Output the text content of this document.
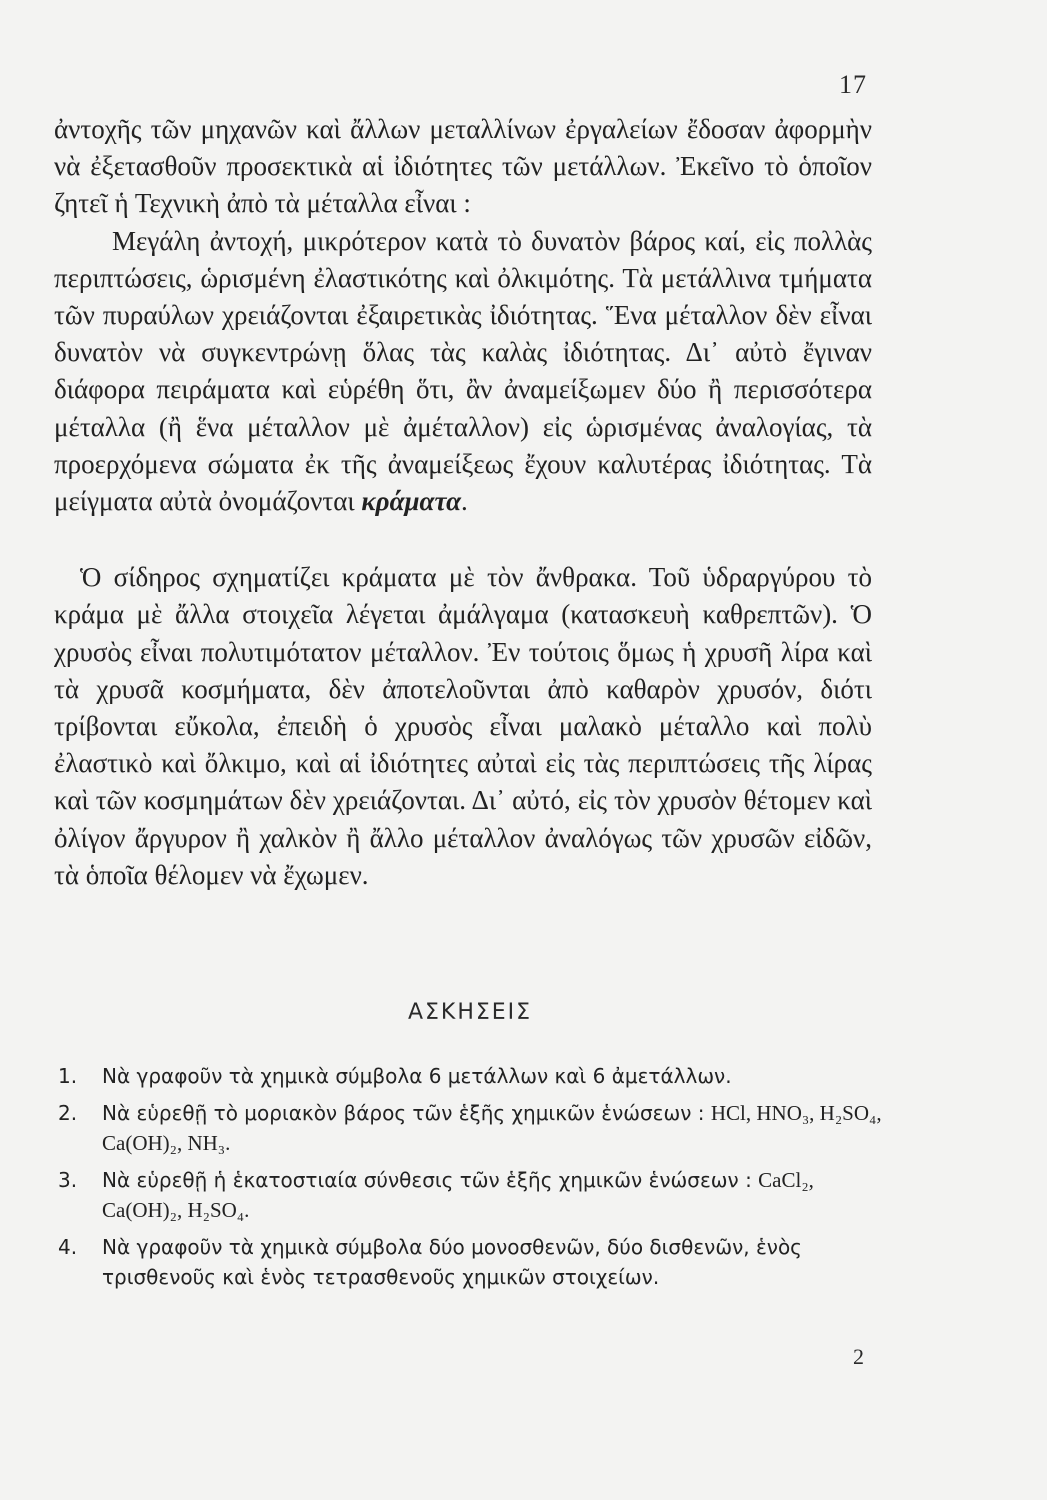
17

ἀντοχῆς τῶν μηχανῶν καὶ ἄλλων μεταλλίνων ἐργαλείων ἔδοσαν ἀφορμὴν νὰ ἐξετασθοῦν προσεκτικὰ αἱ ἰδιότητες τῶν μετάλλων. Ἐκεῖνο τὸ ὁποῖον ζητεῖ ἡ Τεχνικὴ ἀπὸ τὰ μέταλλα εἶναι :

Μεγάλη ἀντοχή, μικρότερον κατὰ τὸ δυνατὸν βάρος καί, εἰς πολλὰς περιπτώσεις, ὡρισμένη ἐλαστικότης καὶ ὀλκιμότης. Τὰ μετάλλινα τμήματα τῶν πυραύλων χρειάζονται ἐξαιρετικὰς ἰδιότητας. Ἕνα μέταλλον δὲν εἶναι δυνατὸν νὰ συγκεντρώνῃ ὅλας τὰς καλὰς ἰδιότητας. Δι᾽ αὐτὸ ἔγιναν διάφορα πειράματα καὶ εὑρέθη ὅτι, ἂν ἀναμείξωμεν δύο ἢ περισσότερα μέταλλα (ἢ ἕνα μέταλλον μὲ ἀμέταλλον) εἰς ὡρισμένας ἀναλογίας, τὰ προερχόμενα σώματα ἐκ τῆς ἀναμείξεως ἔχουν καλυτέρας ἰδιότητας. Τὰ μείγματα αὐτὰ ὀνομάζονται κράματα.

Ὁ σίδηρος σχηματίζει κράματα μὲ τὸν ἄνθρακα. Τοῦ ὑδραργύρου τὸ κράμα μὲ ἄλλα στοιχεῖα λέγεται ἀμάλγαμα (κατασκευὴ καθρεπτῶν). Ὁ χρυσὸς εἶναι πολυτιμότατον μέταλλον. Ἐν τούτοις ὅμως ἡ χρυσῆ λίρα καὶ τὰ χρυσᾶ κοσμήματα, δὲν ἀποτελοῦνται ἀπὸ καθαρὸν χρυσόν, διότι τρίβονται εὔκολα, ἐπειδὴ ὁ χρυσὸς εἶναι μαλακὸ μέταλλο καὶ πολὺ ἐλαστικὸ καὶ ὄλκιμο, καὶ αἱ ἰδιότητες αὐταὶ εἰς τὰς περιπτώσεις τῆς λίρας καὶ τῶν κοσμημάτων δὲν χρειάζονται. Δι᾽ αὐτό, εἰς τὸν χρυσὸν θέτομεν καὶ ὀλίγον ἄργυρον ἢ χαλκὸν ἢ ἄλλο μέταλλον ἀναλόγως τῶν χρυσῶν εἰδῶν, τὰ ὁποῖα θέλομεν νὰ ἔχωμεν.

ΑΣΚΗΣΕΙΣ
1.	Νὰ γραφοῦν τὰ χημικὰ σύμβολα 6 μετάλλων καὶ 6 ἀμετάλλων.
2.	Νὰ εὑρεθῇ τὸ μοριακὸν βάρος τῶν ἑξῆς χημικῶν ἑνώσεων : HCl, HNO₃, H₂SO₄, Ca(OH)₂, NH₃.
3.	Νὰ εὑρεθῇ ἡ ἑκατοστιαία σύνθεσις τῶν ἑξῆς χημικῶν ἑνώσεων : CaCl₂, Ca(OH)₂, H₂SO₄.
4.	Νὰ γραφοῦν τὰ χημικὰ σύμβολα δύο μονοσθενῶν, δύο δισθενῶν, ἑνὸς τρισθενοῦς καὶ ἑνὸς τετρασθενοῦς χημικῶν στοιχείων.
2
